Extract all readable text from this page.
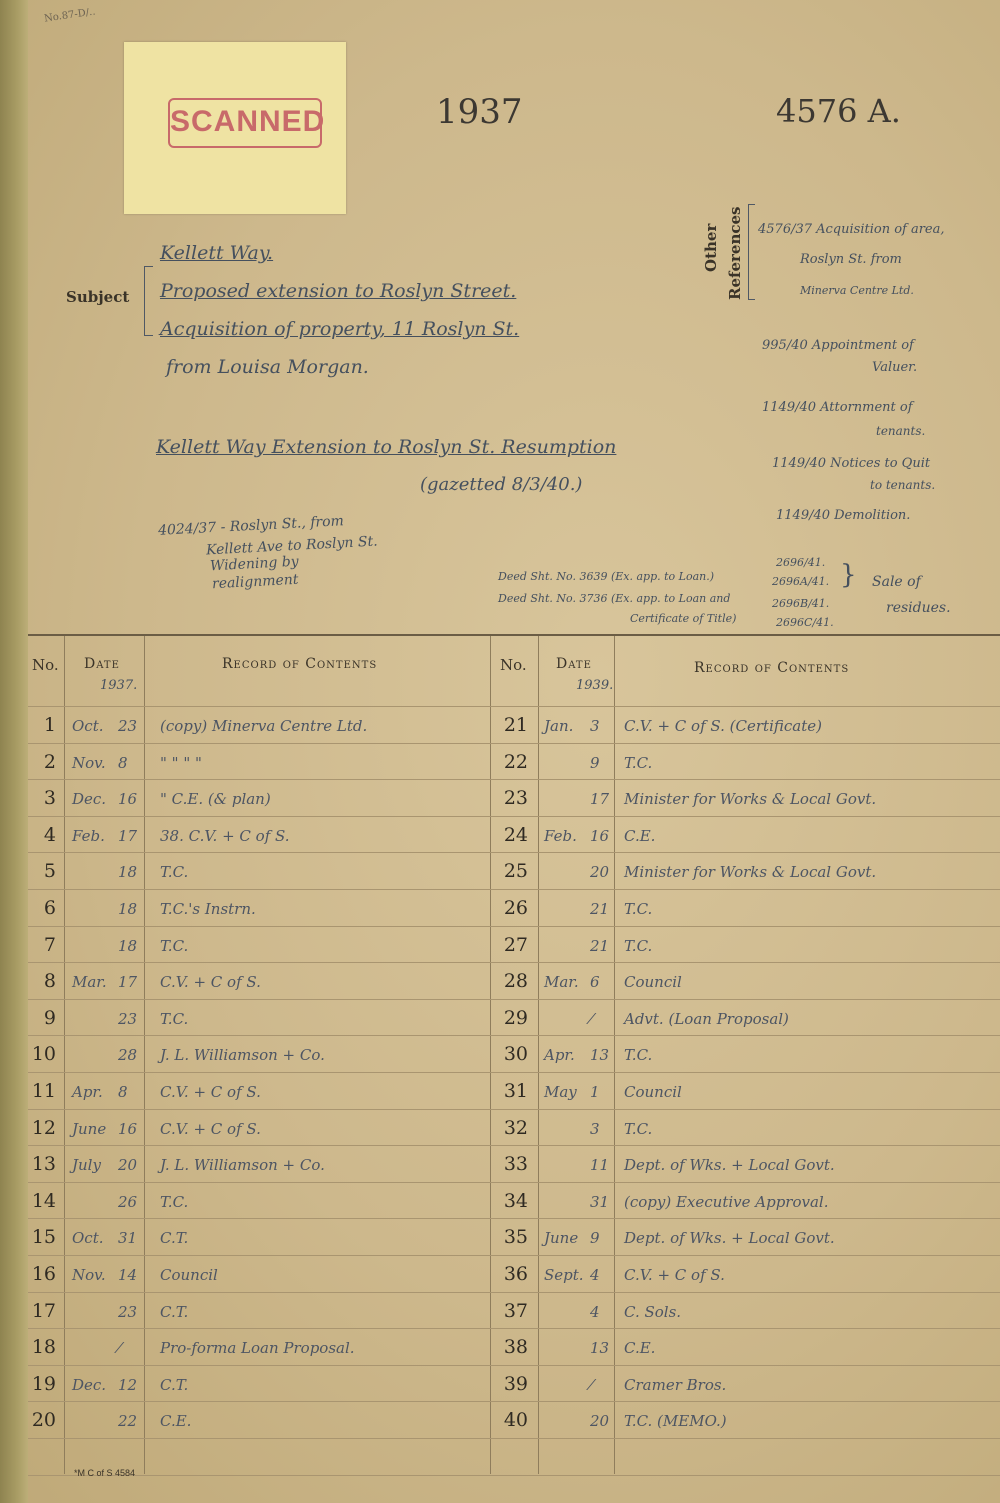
No.87-D/..
SCANNED	1937	4576 A.
Subject
Kellett Way.
Proposed extension to Roslyn Street.
Acquisition of property, 11 Roslyn St.
from Louisa Morgan.
Kellett Way Extension to Roslyn St. Resumption
(gazetted 8/3/40.)
4024/37 - Roslyn St., from
Kellett Ave to Roslyn St.
Widening by
realignment	Deed Sht. No. 3639 (Ex. app. to Loan.)
Deed Sht. No. 3736 (Ex. app. to Loan and
Certificate of Title)
Other References 4576/37 Acquisition of area,
Roslyn St. from
Minerva Centre Ltd.
995/40 Appointment of
Valuer.
1149/40 Attornment of
tenants.
1149/40 Notices to Quit
to tenants.
1149/40 Demolition.
2696/41.
2696A/41.
2696B/41.
2696C/41.
} Sale of
residues.
No. Date	Record of Contents
1937.
No. Date	Record of Contents
1939.
1 Oct. 23 (copy) Minerva Centre Ltd.
2 Nov. 8 " " " "
3 Dec. 16 " C.E. (& plan)
4 Feb. 17 38. C.V. + C of S.
5	18 T.C.
6	18 T.C.'s Instrn.
7	18 T.C.
8 Mar. 17 C.V. + C of S.
9	23 T.C.
10	28 J. L. Williamson + Co.
11 Apr. 8 C.V. + C of S.
12 June 16 C.V. + C of S.
13 July 20 J. L. Williamson + Co.
14	26 T.C.
15 Oct. 31 C.T.
16 Nov. 14 Council
17	23 C.T.
18	⁄	Pro-forma Loan Proposal.
19 Dec. 12 C.T.
20	22 C.E.
21 Jan. 3 C.V. + C of S. (Certificate)
22	9 T.C.
23	17 Minister for Works & Local Govt.
24 Feb. 16 C.E.
25	20 Minister for Works & Local Govt.
26	21 T.C.
27	21 T.C.
28 Mar. 6 Council
29	⁄ Advt. (Loan Proposal)
30 Apr. 13 T.C.
31 May 1 Council
32	3 T.C.
33	11 Dept. of Wks. + Local Govt.
34	31 (copy) Executive Approval.
35 June 9 Dept. of Wks. + Local Govt.
36 Sept. 4 C.V. + C of S.
37	4 C. Sols.
38	13 C.E.
39	⁄ Cramer Bros.
40	20 T.C. (MEMO.)
*M C of S 4584
